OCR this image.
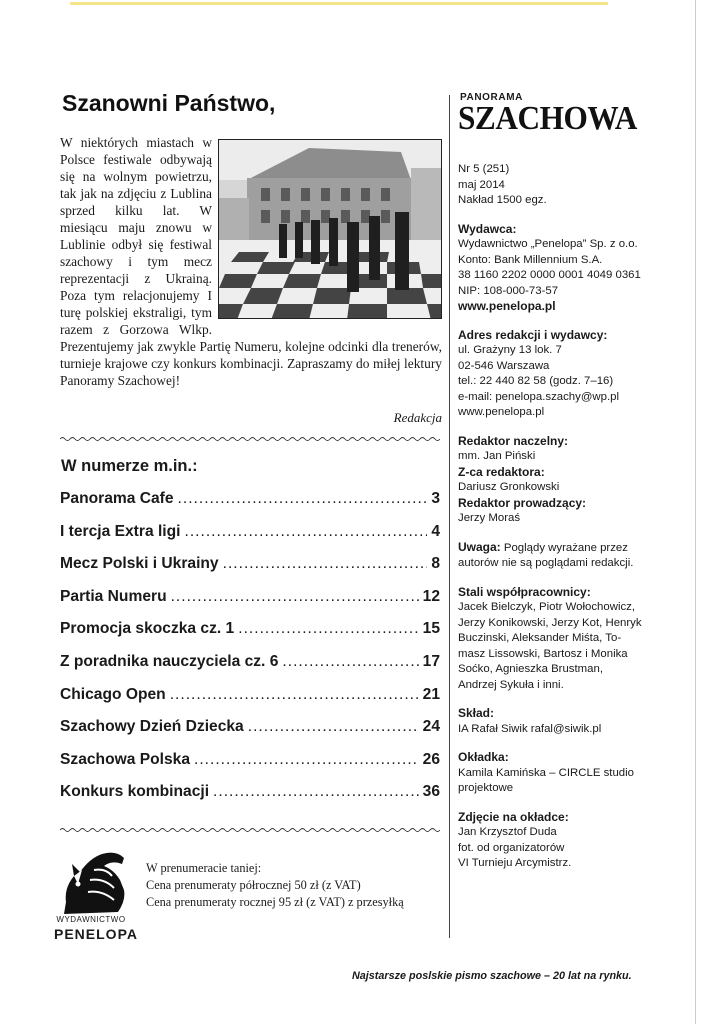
Szanowni Państwo,

W niektórych miastach w Polsce festiwale odbywają się na wolnym powietrzu, tak jak na zdjęciu z Lublina sprzed kilku lat. W miesiącu maju znowu w Lublinie odbył się festiwal szachowy i tym mecz reprezentacji z Ukrainą. Poza tym relacjonujemy I turę polskiej ekstraligi, tym razem z Gorzowa Wlkp. Prezentujemy jak zwykle Partię Numeru, kolejne odcinki dla trenerów, turnieje krajowe czy konkurs kombinacji. Zapraszamy do miłej lektury Panoramy Szachowej!

Redakcja
W numerze m.in.:
Panorama Cafe .....	3
I tercja Extra ligi .....	4
Mecz Polski i Ukrainy .....	8
Partia Numeru .....	12
Promocja skoczka cz. 1 .....	15
Z poradnika nauczyciela cz. 6 .....	17
Chicago Open .....	21
Szachowy Dzień Dziecka .....	24
Szachowa Polska .....	26
Konkurs kombinacji .....	36
WYDAWNICTWO
PENELOPA
W prenumeracie taniej:
Cena prenumeraty półrocznej 50 zł (z VAT)
Cena prenumeraty rocznej 95 zł (z VAT) z przesyłką
PANORAMA
SZACHOWA
Nr 5 (251)
maj 2014
Nakład 1500 egz.
Wydawca:
Wydawnictwo „Penelopa” Sp. z o.o.
Konto: Bank Millennium S.A.
38 1160 2202 0000 0001 4049 0361
NIP: 108-000-73-57
www.penelopa.pl
Adres redakcji i wydawcy:
ul. Grażyny 13 lok. 7
02-546 Warszawa
tel.: 22 440 82 58 (godz. 7–16)
e-mail: penelopa.szachy@wp.pl
www.penelopa.pl
Redaktor naczelny:
mm. Jan Piński
Z-ca redaktora:
Dariusz Gronkowski
Redaktor prowadzący:
Jerzy Moraś
Uwaga: Poglądy wyrażane przez
autorów nie są poglądami redakcji.
Stali współpracownicy:
Jacek Bielczyk, Piotr Wołochowicz,
Jerzy Konikowski, Jerzy Kot, Henryk
Buczinski, Aleksander Miśta, To-
masz Lissowski, Bartosz i Monika
Soćko, Agnieszka Brustman,
Andrzej Sykuła i inni.
Skład:
IA Rafał Siwik rafal@siwik.pl
Okładka:
Kamila Kamińska – CIRCLE studio
projektowe
Zdjęcie na okładce:
Jan Krzysztof Duda
fot. od organizatorów
VI Turnieju Arcymistrz.
Najstarsze poslskie pismo szachowe – 20 lat na rynku.
